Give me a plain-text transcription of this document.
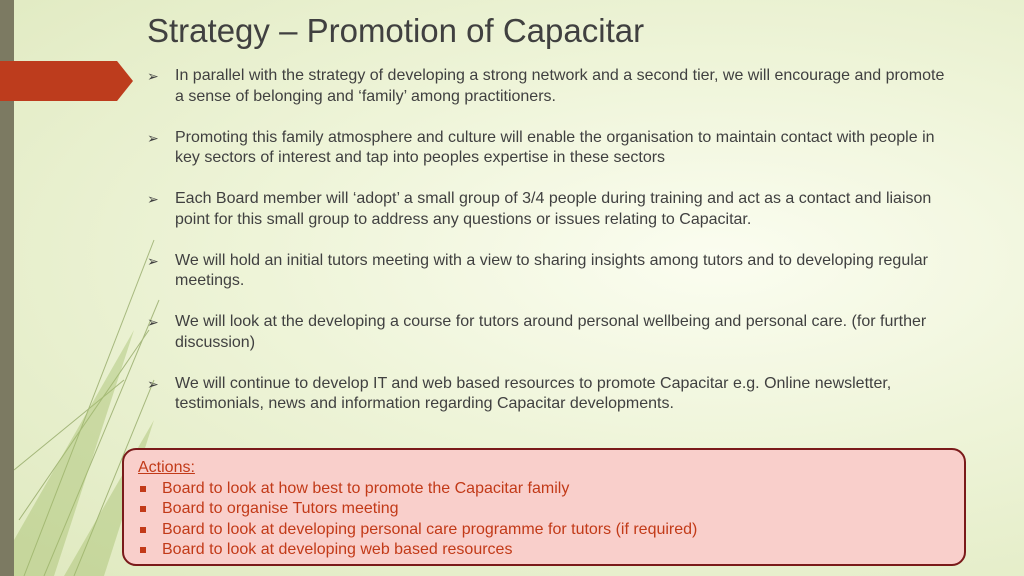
Strategy – Promotion of Capacitar
➢ In parallel with the strategy of developing a strong network and a second tier, we will encourage and promote a sense of belonging and ‘family’ among practitioners.
➢ Promoting this family atmosphere and culture will enable the organisation to maintain contact with people in key sectors of interest and tap into peoples expertise in these sectors
➢ Each Board member will ‘adopt’ a small group of 3/4 people during training and act as a contact and liaison point for this small group to address any questions or issues relating to Capacitar.
➢ We will hold an initial tutors meeting with a view to sharing insights among tutors and to developing regular meetings.
➢ We will look at the developing a course for tutors around personal wellbeing and personal care. (for further discussion)
➢ We will continue to develop IT and web based resources to promote Capacitar e.g. Online newsletter, testimonials, news and information regarding Capacitar developments.
Actions:
Board to look at how best to promote the Capacitar family
Board to organise Tutors meeting
Board to look at developing personal care programme for tutors (if required)
Board to look at developing web based resources
